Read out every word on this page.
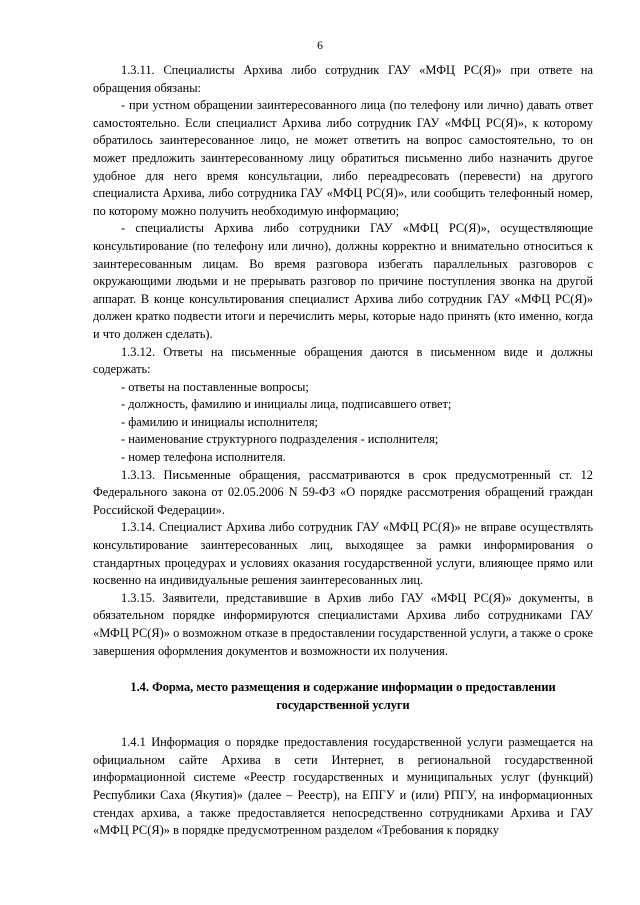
6

1.3.11. Специалисты Архива либо сотрудник ГАУ «МФЦ РС(Я)» при ответе на обращения обязаны:

- при устном обращении заинтересованного лица (по телефону или лично) давать ответ самостоятельно. Если специалист Архива либо сотрудник ГАУ «МФЦ РС(Я)», к которому обратилось заинтересованное лицо, не может ответить на вопрос самостоятельно, то он может предложить заинтересованному лицу обратиться письменно либо назначить другое удобное для него время консультации, либо переадресовать (перевести) на другого специалиста Архива, либо сотрудника ГАУ «МФЦ РС(Я)», или сообщить телефонный номер, по которому можно получить необходимую информацию;

- специалисты Архива либо сотрудники ГАУ «МФЦ РС(Я)», осуществляющие консультирование (по телефону или лично), должны корректно и внимательно относиться к заинтересованным лицам. Во время разговора избегать параллельных разговоров с окружающими людьми и не прерывать разговор по причине поступления звонка на другой аппарат. В конце консультирования специалист Архива либо сотрудник ГАУ «МФЦ РС(Я)» должен кратко подвести итоги и перечислить меры, которые надо принять (кто именно, когда и что должен сделать).

1.3.12. Ответы на письменные обращения даются в письменном виде и должны содержать:

- ответы на поставленные вопросы;

- должность, фамилию и инициалы лица, подписавшего ответ;

- фамилию и инициалы исполнителя;

- наименование структурного подразделения - исполнителя;

- номер телефона исполнителя.

1.3.13. Письменные обращения, рассматриваются в срок предусмотренный ст. 12 Федерального закона от 02.05.2006 N 59-ФЗ «О порядке рассмотрения обращений граждан Российской Федерации».

1.3.14. Специалист Архива либо сотрудник ГАУ «МФЦ РС(Я)» не вправе осуществлять консультирование заинтересованных лиц, выходящее за рамки информирования о стандартных процедурах и условиях оказания государственной услуги, влияющее прямо или косвенно на индивидуальные решения заинтересованных лиц.

1.3.15. Заявители, представившие в Архив либо ГАУ «МФЦ РС(Я)» документы, в обязательном порядке информируются специалистами Архива либо сотрудниками ГАУ «МФЦ РС(Я)» о возможном отказе в предоставлении государственной услуги, а также о сроке завершения оформления документов и возможности их получения.

1.4. Форма, место размещения и содержание информации о предоставлении государственной услуги

1.4.1 Информация о порядке предоставления государственной услуги размещается на официальном сайте Архива в сети Интернет, в региональной государственной информационной системе «Реестр государственных и муниципальных услуг (функций) Республики Саха (Якутия)» (далее – Реестр), на ЕПГУ и (или) РПГУ, на информационных стендах архива, а также предоставляется непосредственно сотрудниками Архива и ГАУ «МФЦ РС(Я)» в порядке предусмотренном разделом «Требования к порядку
